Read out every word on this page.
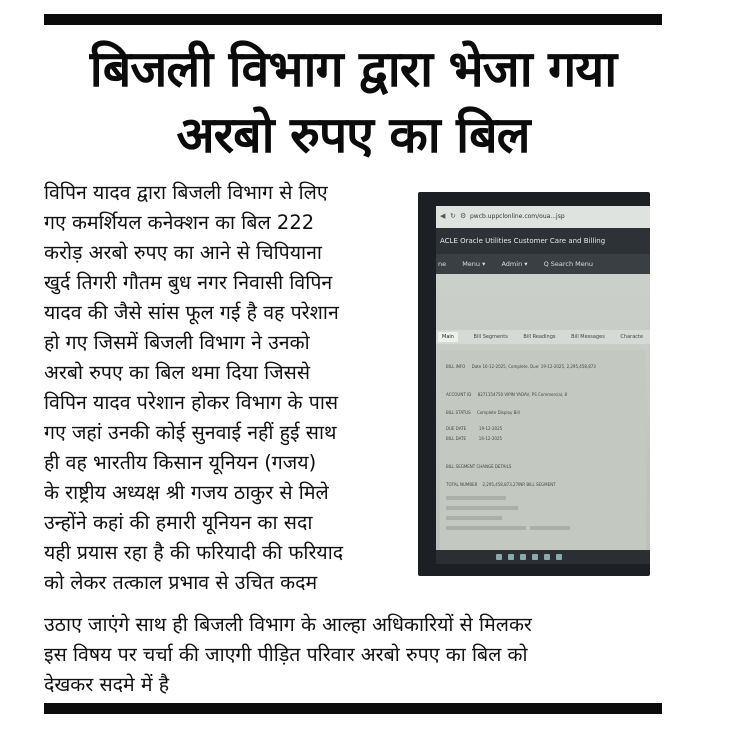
बिजली विभाग द्वारा भेजा गया
अरबो रुपए का बिल
विपिन यादव द्वारा बिजली विभाग से लिए
गए कमर्शियल कनेक्शन का बिल 222
करोड़ अरबो रुपए का आने से चिपियाना
खुर्द तिगरी गौतम बुध नगर निवासी विपिन
यादव की जैसे सांस फूल गई है वह परेशान
हो गए जिसमें बिजली विभाग ने उनको
अरबो रुपए का बिल थमा दिया जिससे
विपिन यादव परेशान होकर विभाग के पास
गए जहां उनकी कोई सुनवाई नहीं हुई साथ
ही वह भारतीय किसान यूनियन (गजय)
के राष्ट्रीय अध्यक्ष श्री गजय ठाकुर से मिले
उन्होंने कहां की हमारी यूनियन का सदा
यही प्रयास रहा है की फरियादी की फरियाद
को लेकर तत्काल प्रभाव से उचित कदम
◀ ↻ ⚙ pwcb.uppclonline.com/oua...jsp
ACLE Oracle Utilities Customer Care and Billing
ne Menu ▾ Admin ▾ Q Search Menu
Main	Bill Segments	Bill Readings	Bill Messages	Characte
BILL INFO Date 16-12-2025, Complete, Due: 19-12-2025, 2,295,458,873
ACCOUNT ID 8271154750 VIPIN YADAV, PS Commercial, 8
BILL STATUS Complete Display Bill
DUE DATE	19-12-2025
BILL DATE	16-12-2025
BILL SEGMENT CHANGE DETAILS
TOTAL NUMBER 2,295,458,873.27INR BILL SEGMENT
उठाए जाएंगे साथ ही बिजली विभाग के आल्हा अधिकारियों से मिलकर
इस विषय पर चर्चा की जाएगी पीड़ित परिवार अरबो रुपए का बिल को
देखकर सदमे में है
